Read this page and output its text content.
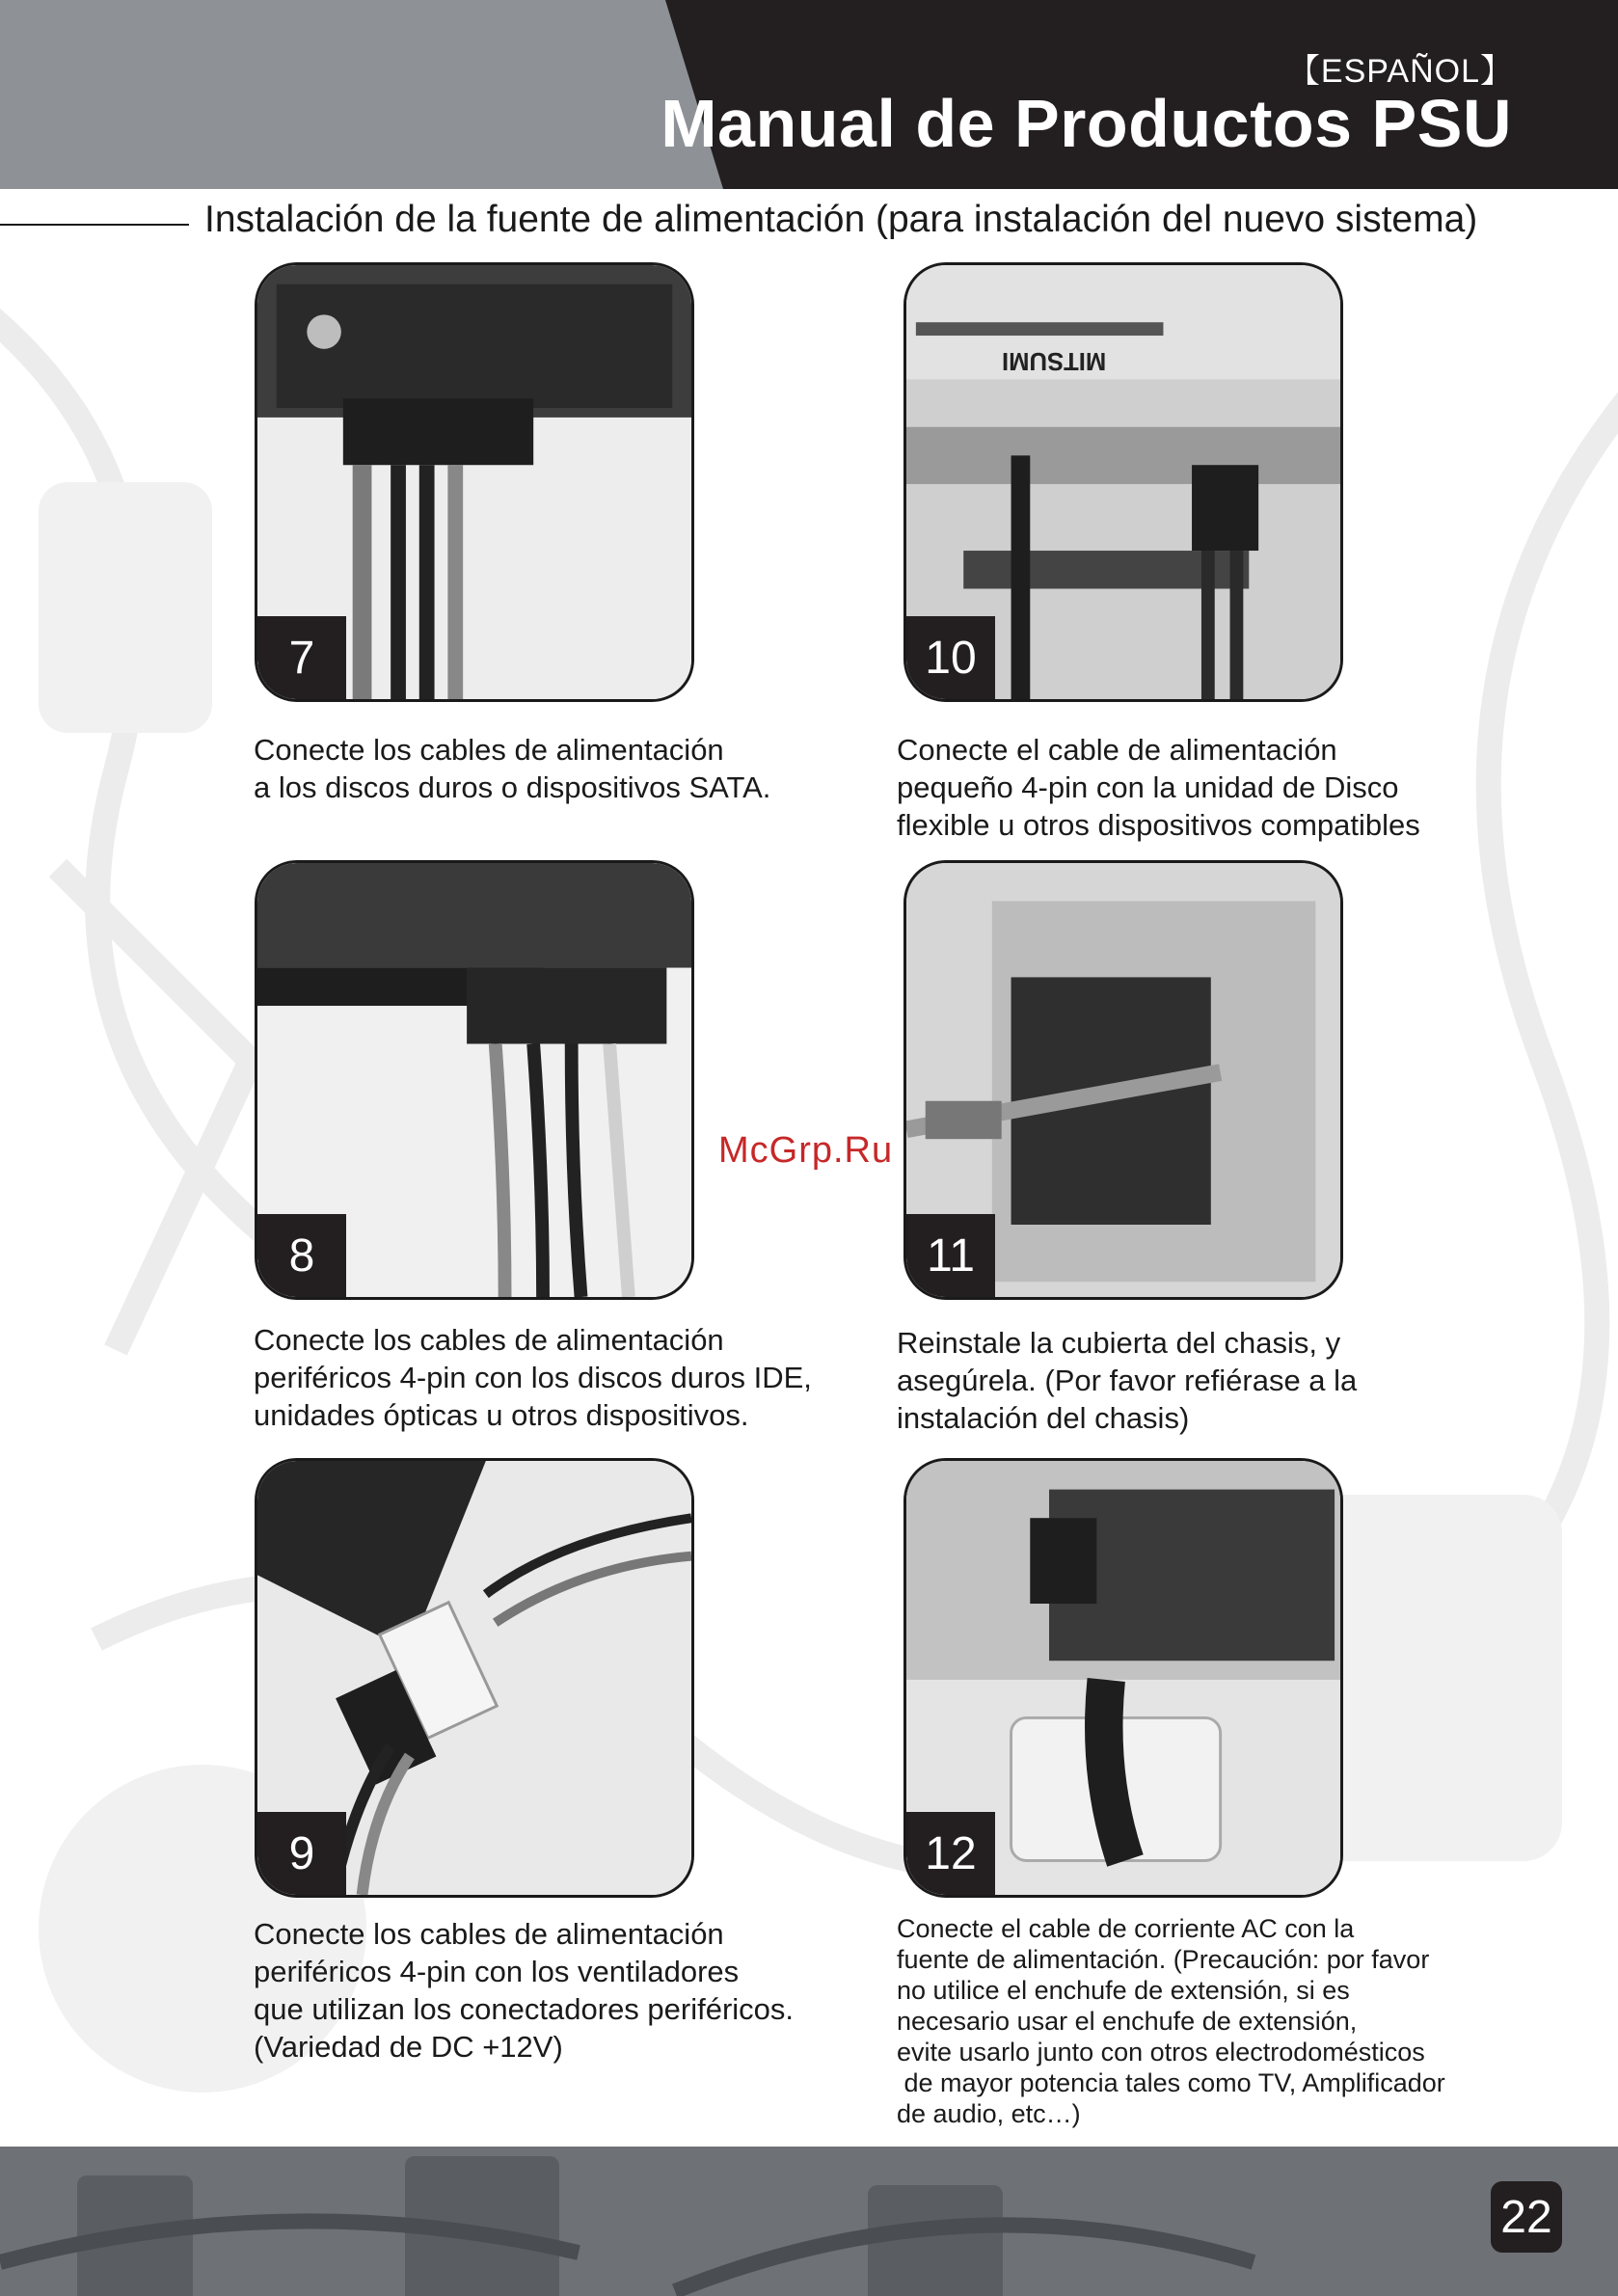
【ESPAÑOL】
Manual de Productos PSU
Instalación de la fuente de alimentación (para instalación del nuevo sistema)
7

Conecte los cables de alimentación
a los discos duros o dispositivos SATA.

MITSUMI
10

Conecte el cable de alimentación
pequeño 4-pin con la unidad de Disco
flexible u otros dispositivos compatibles

8

Conecte los cables de alimentación
periféricos 4-pin con los discos duros IDE,
unidades ópticas u otros dispositivos.

11

Reinstale la cubierta del chasis, y
asegúrela. (Por favor refiérase a la
instalación del chasis)

9

Conecte los cables de alimentación
periféricos 4-pin con los ventiladores
que utilizan los conectadores periféricos.
(Variedad de DC +12V)

12

Conecte el cable de corriente AC con la
fuente de alimentación. (Precaución: por favor
no utilice el enchufe de extensión, si es
necesario usar el enchufe de extensión,
evite usarlo junto con otros electrodomésticos
de mayor potencia tales como TV, Amplificador
de audio, etc…)

McGrp.Ru
22
